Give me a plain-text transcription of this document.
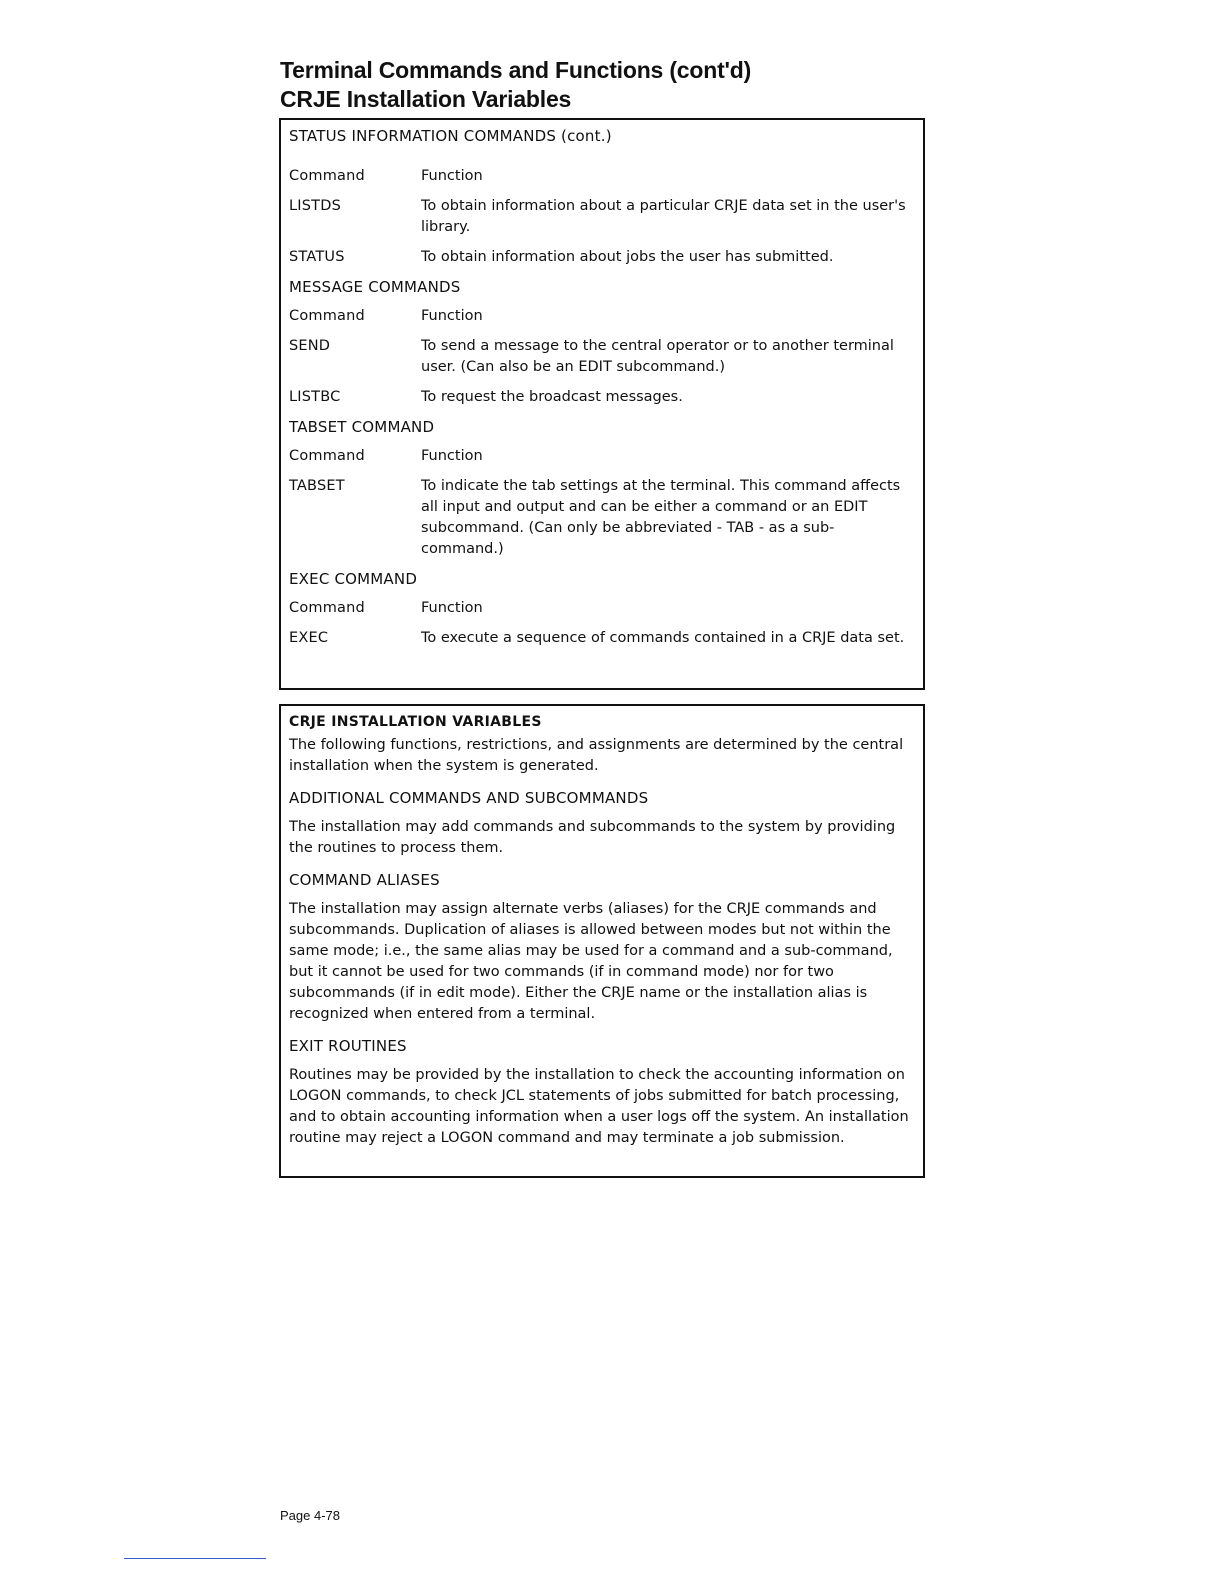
Terminal Commands and Functions (cont'd)
CRJE Installation Variables
STATUS INFORMATION COMMANDS (cont.)
Command	Function
LISTDS	To obtain information about a particular CRJE data set in the user's library.
STATUS	To obtain information about jobs the user has submitted.
MESSAGE COMMANDS
Command	Function
SEND	To send a message to the central operator or to another terminal user. (Can also be an EDIT subcommand.)
LISTBC	To request the broadcast messages.
TABSET COMMAND
Command	Function
TABSET	To indicate the tab settings at the terminal. This command affects all input and output and can be either a command or an EDIT subcommand. (Can only be abbreviated - TAB - as a sub-command.)
EXEC COMMAND
Command	Function
EXEC	To execute a sequence of commands contained in a CRJE data set.
CRJE INSTALLATION VARIABLES

The following functions, restrictions, and assignments are determined by the central installation when the system is generated.

ADDITIONAL COMMANDS AND SUBCOMMANDS

The installation may add commands and subcommands to the system by providing the routines to process them.

COMMAND ALIASES

The installation may assign alternate verbs (aliases) for the CRJE commands and subcommands. Duplication of aliases is allowed between modes but not within the same mode; i.e., the same alias may be used for a command and a sub-command, but it cannot be used for two commands (if in command mode) nor for two subcommands (if in edit mode). Either the CRJE name or the installation alias is recognized when entered from a terminal.

EXIT ROUTINES

Routines may be provided by the installation to check the accounting information on LOGON commands, to check JCL statements of jobs submitted for batch processing, and to obtain accounting information when a user logs off the system. An installation routine may reject a LOGON command and may terminate a job submission.

Page 4-78
